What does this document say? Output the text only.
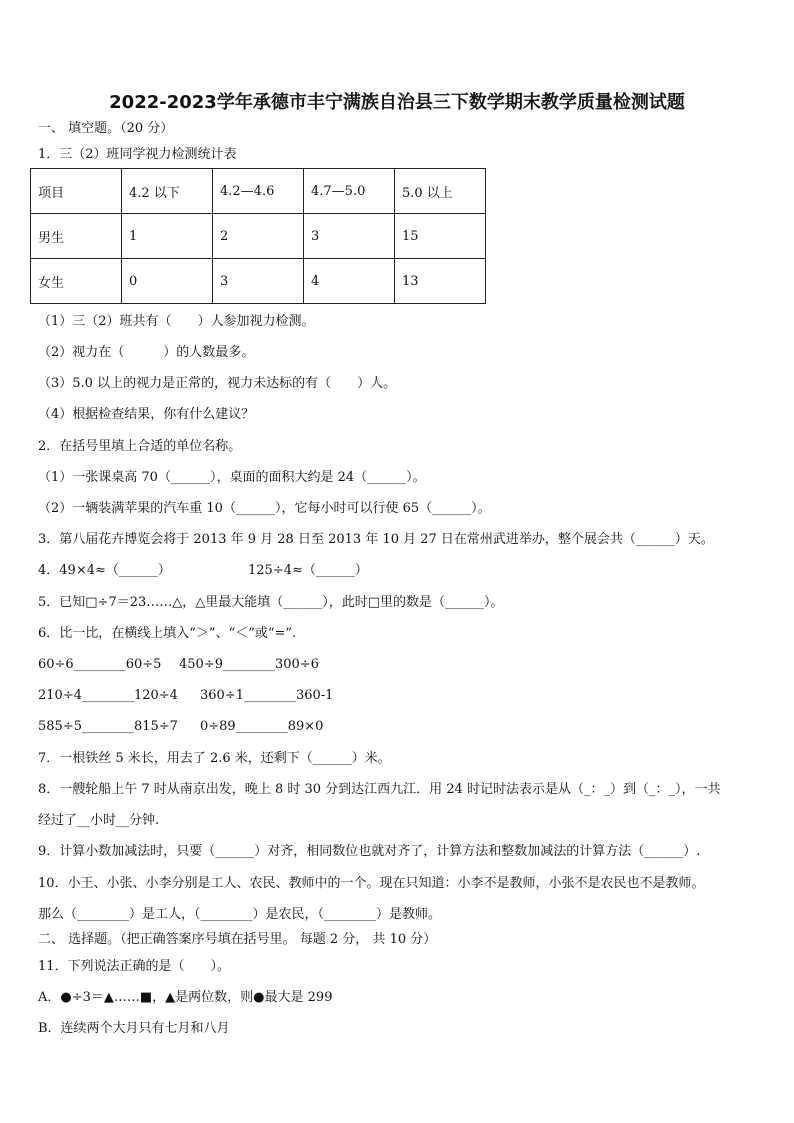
2022-2023学年承德市丰宁满族自治县三下数学期末教学质量检测试题
一、 填空题。（20 分）
1．三（2）班同学视力检测统计表
项目	4.2 以下	4.2—4.6	4.7—5.0	5.0 以上
男生	1	2	3	15
女生	0	3	4	13
（1）三（2）班共有（　　）人参加视力检测。
（2）视力在（　　　）的人数最多。
（3）5.0 以上的视力是正常的，视力未达标的有（　　）人。
（4）根据检查结果，你有什么建议？
2．在括号里填上合适的单位名称。
（1）一张课桌高 70（______），桌面的面积大约是 24（______）。
（2）一辆装满苹果的汽车重 10（______），它每小时可以行使 65（______）。
3．第八届花卉博览会将于 2013 年 9 月 28 日至 2013 年 10 月 27 日在常州武进举办，整个展会共（______）天。
4．49×4≈（______）	125÷4≈（______）
5．已知□÷7＝23……△，△里最大能填（______），此时□里的数是（______）。
6．比一比，在横线上填入“＞”、“＜”或“=”.
60÷6________60÷5 450÷9________300÷6
210÷4________120÷4 360÷1________360-1
585÷5________815÷7 0÷89________89×0
7．一根铁丝 5 米长，用去了 2.6 米，还剩下（______）米。
8．一艘轮船上午 7 时从南京出发，晚上 8 时 30 分到达江西九江．用 24 时记时法表示是从（_：_）到（_：_），一共
经过了__小时__分钟.
9．计算小数加减法时，只要（______）对齐，相同数位也就对齐了，计算方法和整数加减法的计算方法（______）.
10．小王、小张、小李分别是工人、农民、教师中的一个。现在只知道：小李不是教师，小张不是农民也不是教师。
那么（________）是工人，（________）是农民，（________）是教师。
二、 选择题。（把正确答案序号填在括号里。 每题 2 分， 共 10 分）
11．下列说法正确的是（　　）。
A．●÷3＝▲……■，▲是两位数，则●最大是 299
B．连续两个大月只有七月和八月
